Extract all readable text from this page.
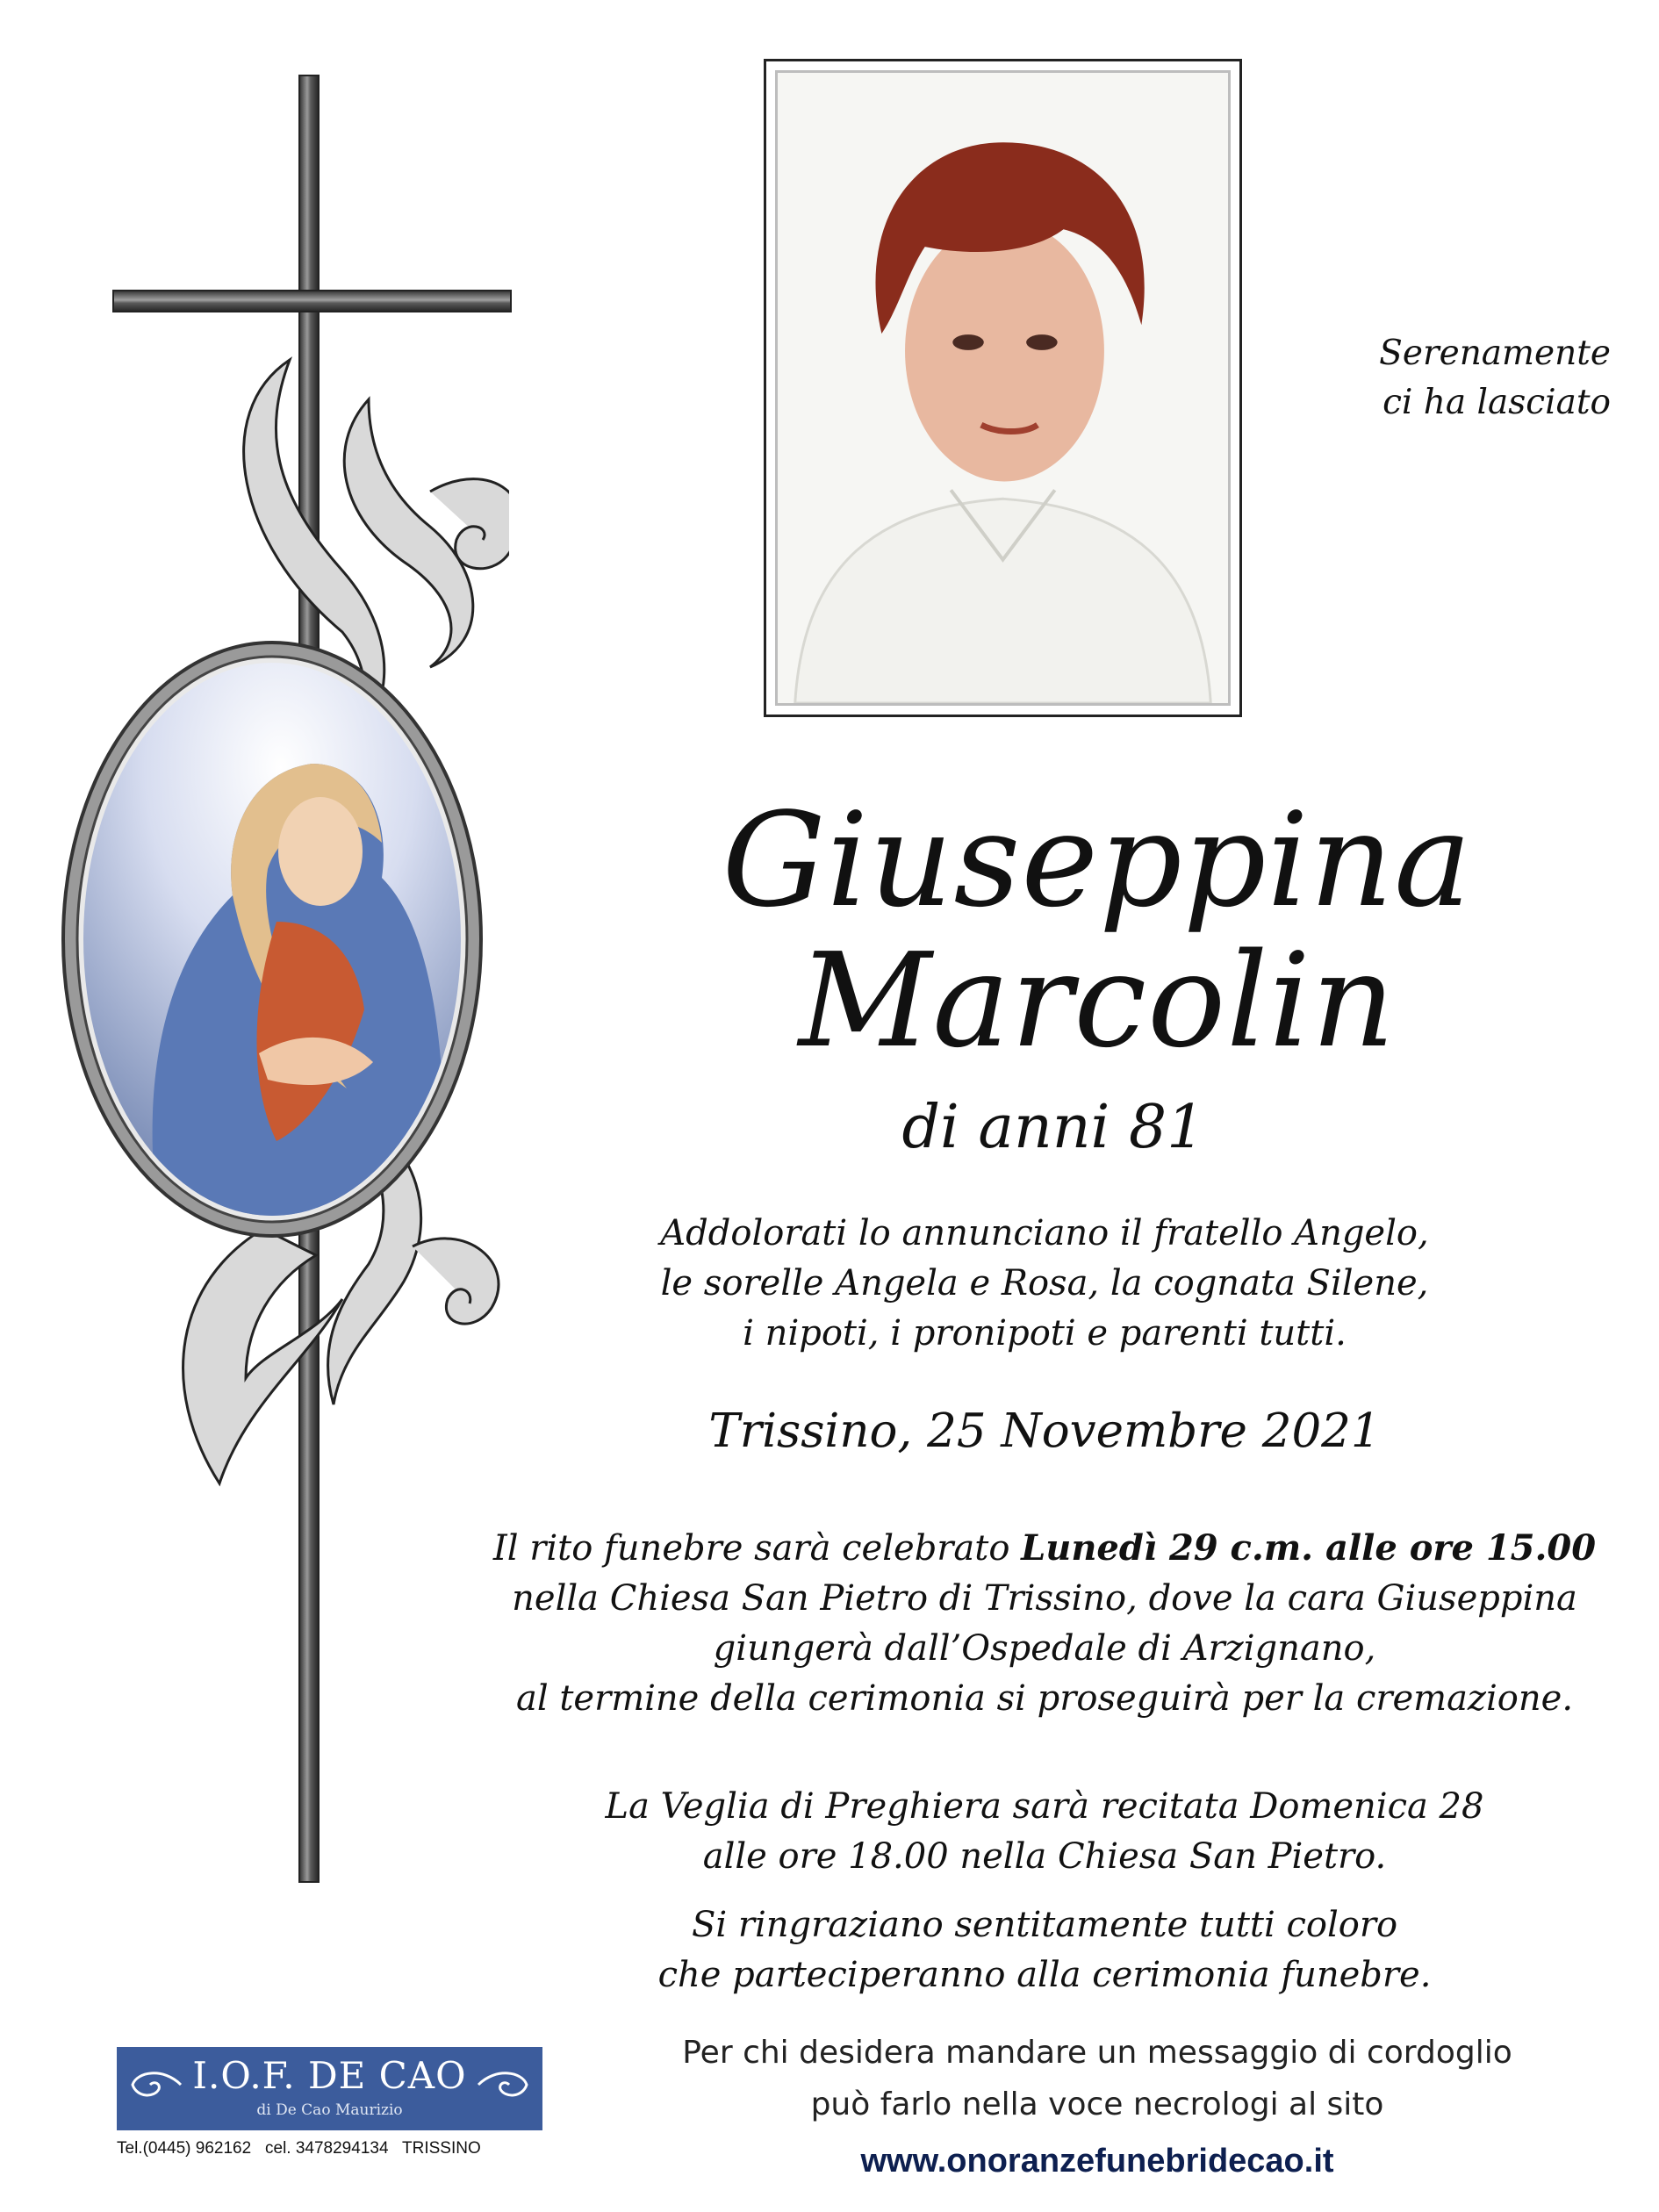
Serenamente
ci ha lasciato
Giuseppina
Marcolin
di anni 81
Addolorati lo annunciano il fratello Angelo,
le sorelle Angela e Rosa, la cognata Silene,
i nipoti, i pronipoti e parenti tutti.
Trissino, 25 Novembre 2021
Il rito funebre sarà celebrato Lunedì 29 c.m. alle ore 15.00
nella Chiesa San Pietro di Trissino, dove la cara Giuseppina
giungerà dall’Ospedale di Arzignano,
al termine della cerimonia si proseguirà per la cremazione.
La Veglia di Preghiera sarà recitata Domenica 28
alle ore 18.00 nella Chiesa San Pietro.
Si ringraziano sentitamente tutti coloro
che parteciperanno alla cerimonia funebre.
I.O.F. DE CAO
di De Cao Maurizio
Tel.(0445) 962162   cel. 3478294134   TRISSINO
Per chi desidera mandare un messaggio di cordoglio
può farlo nella voce necrologi al sito
www.onoranzefunebridecao.it
